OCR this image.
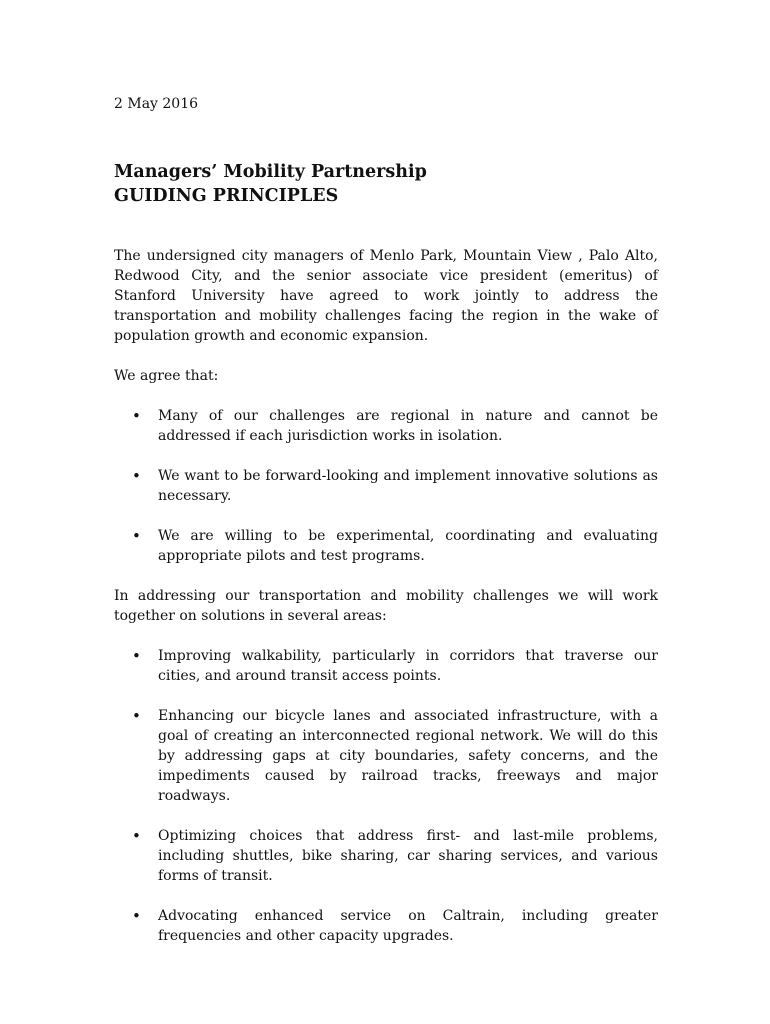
2 May 2016

Managers’ Mobility Partnership
GUIDING PRINCIPLES

The undersigned city managers of Menlo Park, Mountain View , Palo Alto, Redwood City, and the senior associate vice president (emeritus) of Stanford University have agreed to work jointly to address the transportation and mobility challenges facing the region in the wake of population growth and economic expansion.

We agree that:

• Many of our challenges are regional in nature and cannot be addressed if each jurisdiction works in isolation.
• We want to be forward-looking and implement innovative solutions as necessary.
• We are willing to be experimental, coordinating and evaluating appropriate pilots and test programs.

In addressing our transportation and mobility challenges we will work together on solutions in several areas:

• Improving walkability, particularly in corridors that traverse our cities, and around transit access points.
• Enhancing our bicycle lanes and associated infrastructure, with a goal of creating an interconnected regional network. We will do this by addressing gaps at city boundaries, safety concerns, and the impediments caused by railroad tracks, freeways and major roadways.
• Optimizing choices that address first- and last-mile problems, including shuttles, bike sharing, car sharing services, and various forms of transit.
• Advocating enhanced service on Caltrain, including greater frequencies and other capacity upgrades.
